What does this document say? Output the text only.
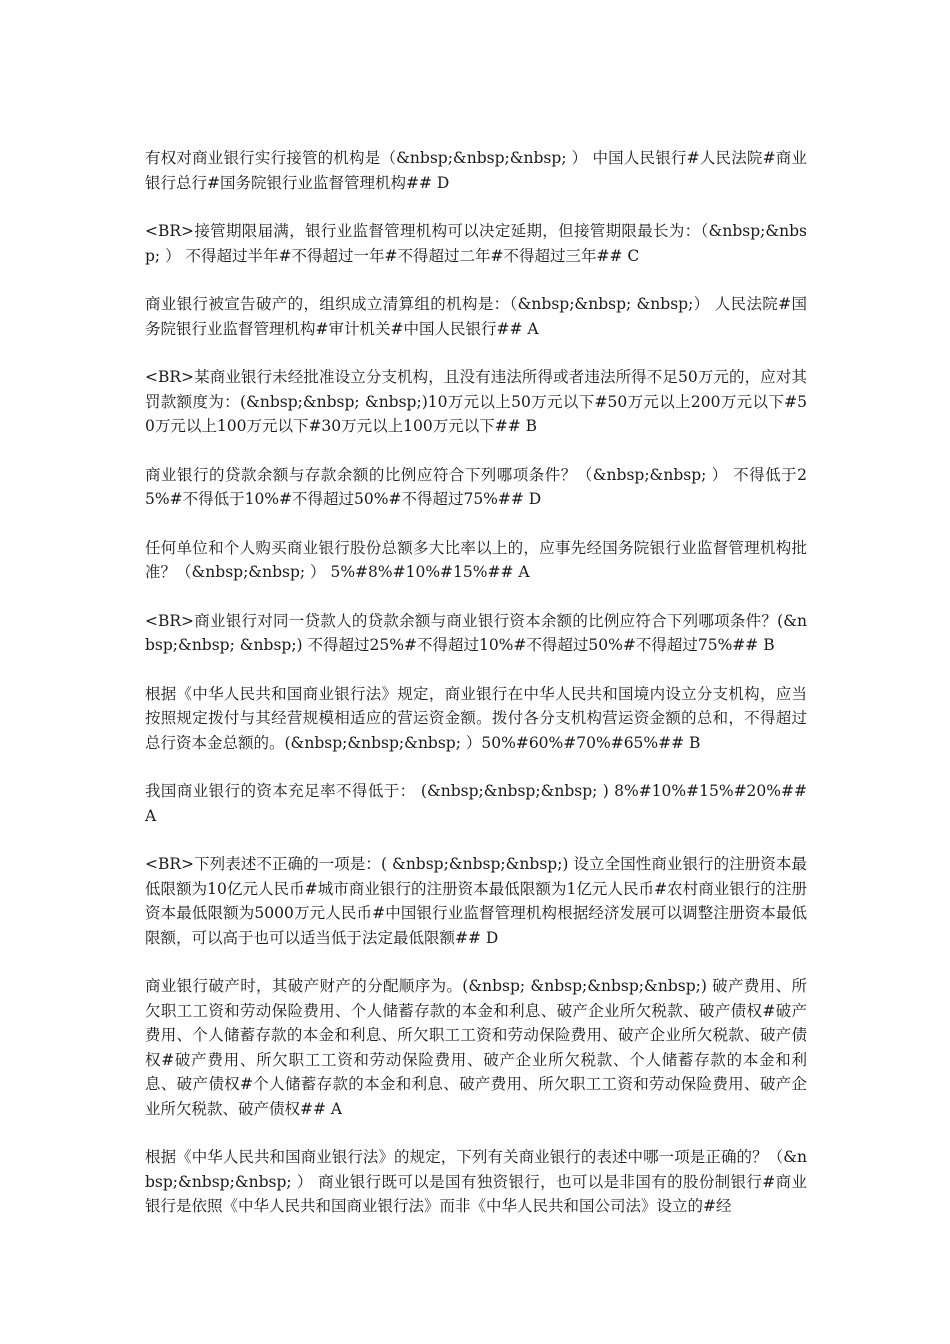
有权对商业银行实行接管的机构是（&nbsp;&nbsp;&nbsp; ） 中国人民银行#人民法院#商业银行总行#国务院银行业监督管理机构## D

<BR>接管期限届满，银行业监督管理机构可以决定延期，但接管期限最长为：（&nbsp;&nbsp; ） 不得超过半年#不得超过一年#不得超过二年#不得超过三年## C

商业银行被宣告破产的，组织成立清算组的机构是：（&nbsp;&nbsp; &nbsp;） 人民法院#国务院银行业监督管理机构#审计机关#中国人民银行## A

<BR>某商业银行未经批准设立分支机构，且没有违法所得或者违法所得不足50万元的，应对其罚款额度为：(&nbsp;&nbsp; &nbsp;)10万元以上50万元以下#50万元以上200万元以下#50万元以上100万元以下#30万元以上100万元以下## B

商业银行的贷款余额与存款余额的比例应符合下列哪项条件？（&nbsp;&nbsp; ） 不得低于25%#不得低于10%#不得超过50%#不得超过75%## D

任何单位和个人购买商业银行股份总额多大比率以上的，应事先经国务院银行业监督管理机构批准？（&nbsp;&nbsp; ） 5%#8%#10%#15%## A

<BR>商业银行对同一贷款人的贷款余额与商业银行资本余额的比例应符合下列哪项条件？(&nbsp;&nbsp; &nbsp;) 不得超过25%#不得超过10%#不得超过50%#不得超过75%## B

根据《中华人民共和国商业银行法》规定，商业银行在中华人民共和国境内设立分支机构，应当按照规定拨付与其经营规模相适应的营运资金额。拨付各分支机构营运资金额的总和，不得超过总行资本金总额的。(&nbsp;&nbsp;&nbsp; ）50%#60%#70%#65%## B

我国商业银行的资本充足率不得低于： (&nbsp;&nbsp;&nbsp; ) 8%#10%#15%#20%## A

<BR>下列表述不正确的一项是：( &nbsp;&nbsp;&nbsp;) 设立全国性商业银行的注册资本最低限额为10亿元人民币#城市商业银行的注册资本最低限额为1亿元人民币#农村商业银行的注册资本最低限额为5000万元人民币#中国银行业监督管理机构根据经济发展可以调整注册资本最低限额，可以高于也可以适当低于法定最低限额## D

商业银行破产时，其破产财产的分配顺序为。(&nbsp; &nbsp;&nbsp;&nbsp;) 破产费用、所欠职工工资和劳动保险费用、个人储蓄存款的本金和利息、破产企业所欠税款、破产债权#破产费用、个人储蓄存款的本金和利息、所欠职工工资和劳动保险费用、破产企业所欠税款、破产债权#破产费用、所欠职工工资和劳动保险费用、破产企业所欠税款、个人储蓄存款的本金和利息、破产债权#个人储蓄存款的本金和利息、破产费用、所欠职工工资和劳动保险费用、破产企业所欠税款、破产债权## A

根据《中华人民共和国商业银行法》的规定，下列有关商业银行的表述中哪一项是正确的？（&nbsp;&nbsp;&nbsp; ） 商业银行既可以是国有独资银行，也可以是非国有的股份制银行#商业银行是依照《中华人民共和国商业银行法》而非《中华人民共和国公司法》设立的#经
